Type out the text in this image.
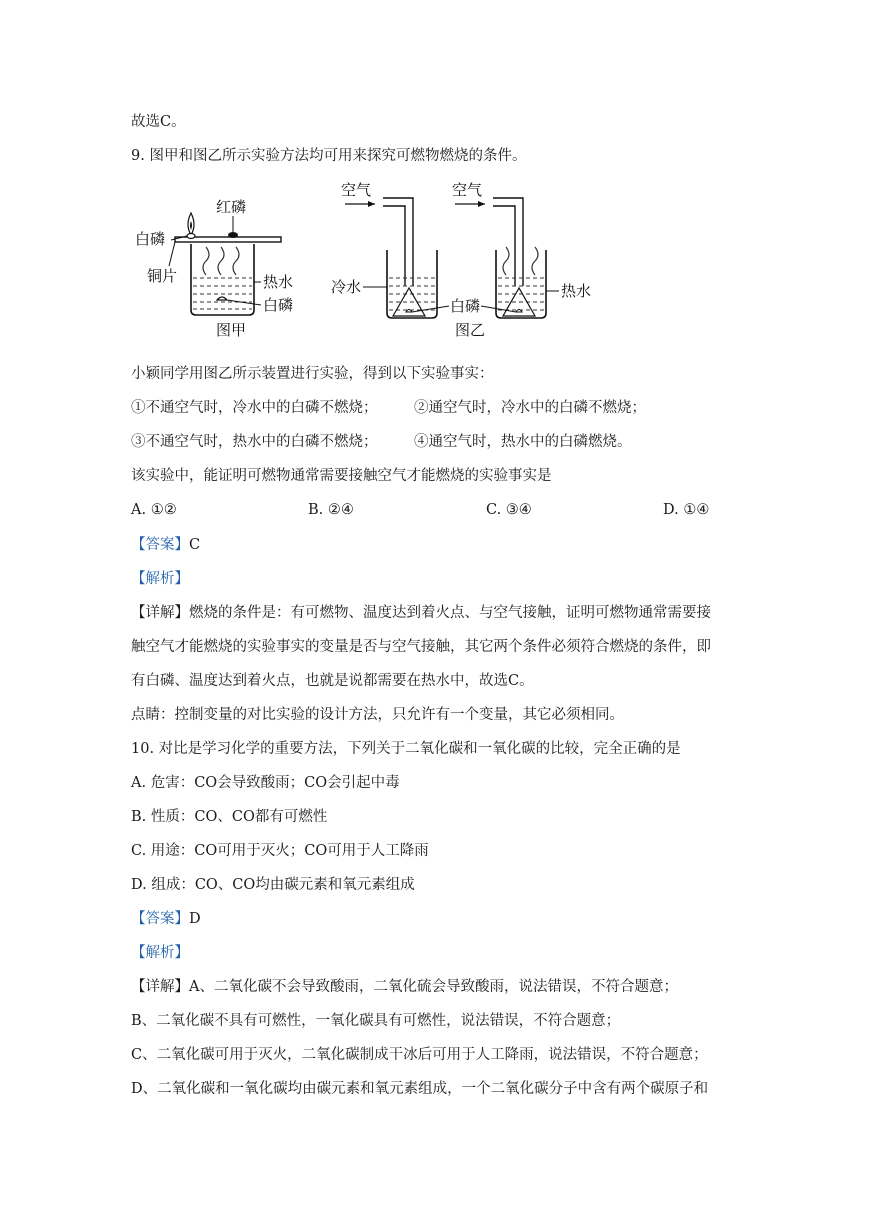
故选C。
9. 图甲和图乙所示实验方法均可用来探究可燃物燃烧的条件。
红磷
白磷
铜片	热水
白磷
图甲
空气
冷水
空气
热水
白磷
图乙
小颖同学用图乙所示装置进行实验，得到以下实验事实：
①不通空气时，冷水中的白磷不燃烧；	②通空气时，冷水中的白磷不燃烧；
③不通空气时，热水中的白磷不燃烧；	④通空气时，热水中的白磷燃烧。
该实验中，能证明可燃物通常需要接触空气才能燃烧的实验事实是
A. ①②	B. ②④	C. ③④	D. ①④
【答案】C
【解析】
【详解】燃烧的条件是：有可燃物、温度达到着火点、与空气接触，证明可燃物通常需要接
触空气才能燃烧的实验事实的变量是否与空气接触，其它两个条件必须符合燃烧的条件，即
有白磷、温度达到着火点，也就是说都需要在热水中，故选C。
点睛：控制变量的对比实验的设计方法，只允许有一个变量，其它必须相同。
10. 对比是学习化学的重要方法，下列关于二氧化碳和一氧化碳的比较，完全正确的是
A. 危害：CO会导致酸雨；CO会引起中毒
B. 性质：CO、CO都有可燃性
C. 用途：CO可用于灭火；CO可用于人工降雨
D. 组成：CO、CO均由碳元素和氧元素组成
【答案】D
【解析】
【详解】A、二氧化碳不会导致酸雨，二氧化硫会导致酸雨，说法错误，不符合题意；
B、二氧化碳不具有可燃性，一氧化碳具有可燃性，说法错误，不符合题意；
C、二氧化碳可用于灭火，二氧化碳制成干冰后可用于人工降雨，说法错误，不符合题意；
D、二氧化碳和一氧化碳均由碳元素和氧元素组成，一个二氧化碳分子中含有两个碳原子和
